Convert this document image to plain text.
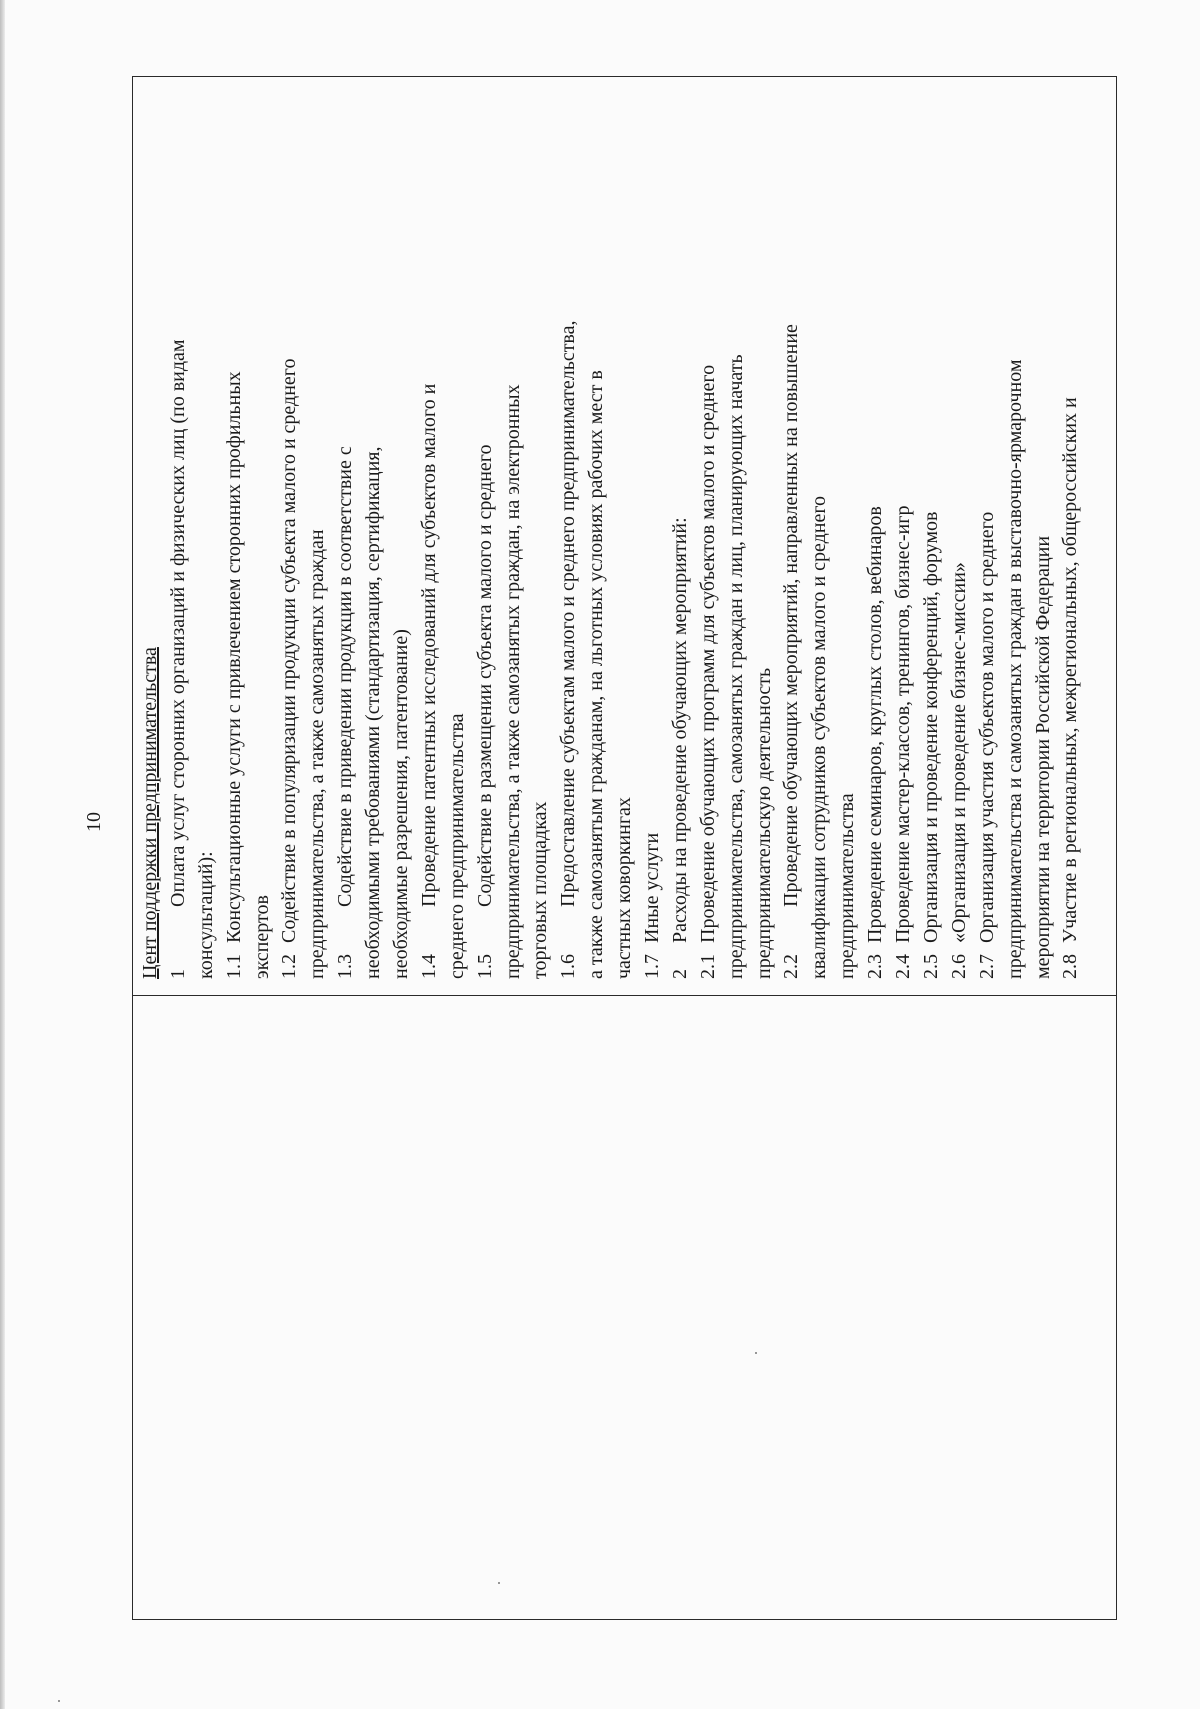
10 Цент поддержки предпринимательства 1Оплата услуг сторонних организаций и физических лиц (по видам
консультаций): 1.1Консультационные услуги с привлечением сторонних профильных экспертов 1.2Содействие в популяризации продукции субъекта малого и среднего предпринимательства, а также самозанятых граждан 1.3Содействие в приведении продукции в соответствие с необходимыми требованиями (стандартизация, сертификация, необходимые разрешения, патентование) 1.4Проведение патентных исследований для субъектов малого и среднего предпринимательства 1.5Содействие в размещении субъекта малого и среднего предпринимательства, а также самозанятых граждан, на электронных торговых площадках 1.6Предоставление субъектам малого и среднего предпринимательства, а также самозанятым гражданам, на льготных условиях рабочих мест в частных коворкингах 1.7Иные услуги
2Расходы на проведение обучающих мероприятий:
2.1Проведение обучающих программ для субъектов малого и среднего предпринимательства, самозанятых граждан и лиц, планирующих начать предпринимательскую деятельность 2.2Проведение обучающих мероприятий, направленных на повышение квалификации сотрудников субъектов малого и среднего предпринимательства 2.3Проведение семинаров, круглых столов, вебинаров
2.4Проведение мастер-классов, тренингов, бизнес-игр
2.5Организация и проведение конференций, форумов
2.6«Организация и проведение бизнес-миссии»
2.7Организация участия субъектов малого и среднего предпринимательства и самозанятых граждан в выставочно-ярмарочном мероприятии на территории Российской Федерации 2.8Участие в региональных, межрегиональных, общероссийских и
